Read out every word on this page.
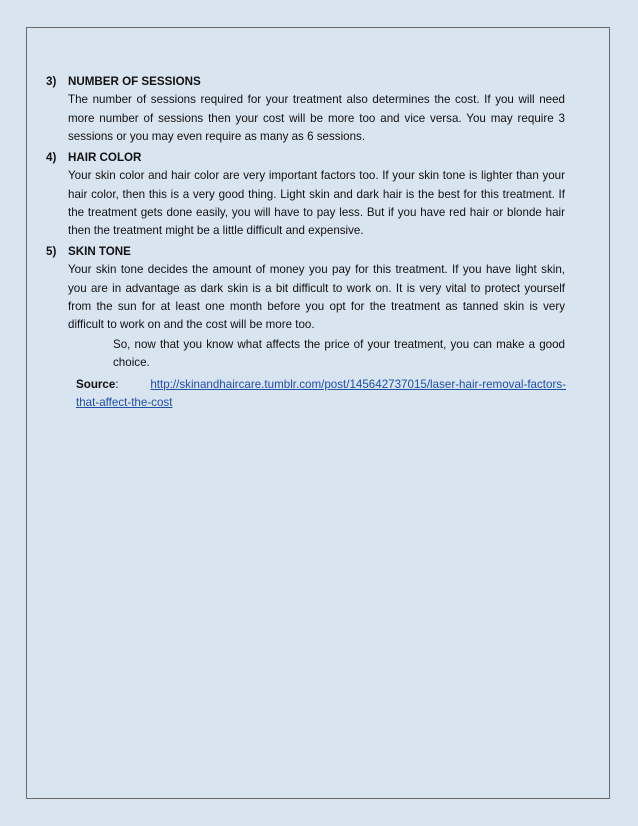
3) NUMBER OF SESSIONS
The number of sessions required for your treatment also determines the cost. If you will need more number of sessions then your cost will be more too and vice versa. You may require 3 sessions or you may even require as many as 6 sessions.
4) HAIR COLOR
Your skin color and hair color are very important factors too. If your skin tone is lighter than your hair color, then this is a very good thing. Light skin and dark hair is the best for this treatment. If the treatment gets done easily, you will have to pay less. But if you have red hair or blonde hair then the treatment might be a little difficult and expensive.
5) SKIN TONE
Your skin tone decides the amount of money you pay for this treatment. If you have light skin, you are in advantage as dark skin is a bit difficult to work on. It is very vital to protect yourself from the sun for at least one month before you opt for the treatment as tanned skin is very difficult to work on and the cost will be more too.
So, now that you know what affects the price of your treatment, you can make a good choice.
Source:    http://skinandhaircare.tumblr.com/post/145642737015/laser-hair-removal-factors-that-affect-the-cost
